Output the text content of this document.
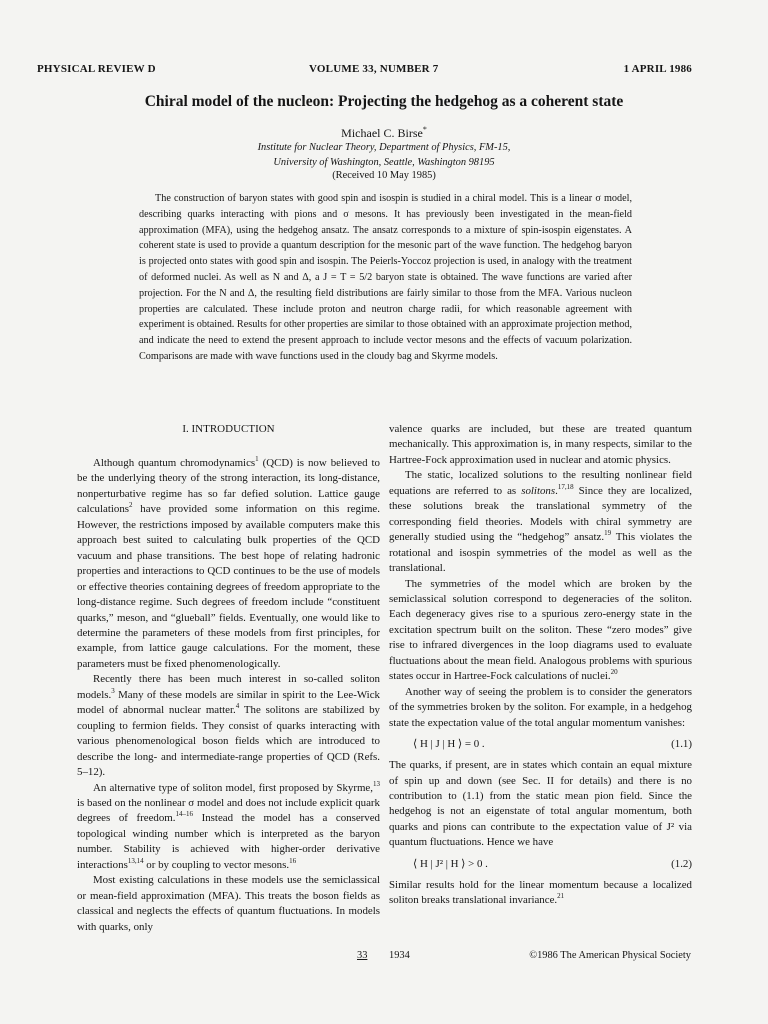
PHYSICAL REVIEW D	VOLUME 33, NUMBER 7	1 APRIL 1986
Chiral model of the nucleon: Projecting the hedgehog as a coherent state
Michael C. Birse*
Institute for Nuclear Theory, Department of Physics, FM-15,
University of Washington, Seattle, Washington 98195
(Received 10 May 1985)

The construction of baryon states with good spin and isospin is studied in a chiral model. This is a linear σ model, describing quarks interacting with pions and σ mesons. It has previously been investigated in the mean-field approximation (MFA), using the hedgehog ansatz. The ansatz corresponds to a mixture of spin-isospin eigenstates. A coherent state is used to provide a quantum description for the mesonic part of the wave function. The hedgehog baryon is projected onto states with good spin and isospin. The Peierls-Yoccoz projection is used, in analogy with the treatment of deformed nuclei. As well as N and Δ, a J = T = 5/2 baryon state is obtained. The wave functions are varied after projection. For the N and Δ, the resulting field distributions are fairly similar to those from the MFA. Various nucleon properties are calculated. These include proton and neutron charge radii, for which reasonable agreement with experiment is obtained. Results for other properties are similar to those obtained with an approximate projection method, and indicate the need to extend the present approach to include vector mesons and the effects of vacuum polarization. Comparisons are made with wave functions used in the cloudy bag and Skyrme models.

I. INTRODUCTION

Although quantum chromodynamics$^1$ (QCD) is now believed to be the underlying theory of the strong interaction, its long-distance, nonperturbative regime has so far defied solution. Lattice gauge calculations$^2$ have provided some information on this regime. However, the restrictions imposed by available computers make this approach best suited to calculating bulk properties of the QCD vacuum and phase transitions. The best hope of relating hadronic properties and interactions to QCD continues to be the use of models or effective theories containing degrees of freedom appropriate to the long-distance regime. Such degrees of freedom include “constituent quarks,” meson, and “glueball” fields. Eventually, one would like to determine the parameters of these models from first principles, for example, from lattice gauge calculations. For the moment, these parameters must be fixed phenomenologically.

Recently there has been much interest in so-called soliton models.$^3$ Many of these models are similar in spirit to the Lee-Wick model of abnormal nuclear matter.$^4$ The solitons are stabilized by coupling to fermion fields. They consist of quarks interacting with various phenomenological boson fields which are introduced to describe the long- and intermediate-range properties of QCD (Refs. 5–12).

An alternative type of soliton model, first proposed by Skyrme,$^{13}$ is based on the nonlinear σ model and does not include explicit quark degrees of freedom.$^{14-16}$ Instead the model has a conserved topological winding number which is interpreted as the baryon number. Stability is achieved with higher-order derivative interactions$^{13,14}$ or by coupling to vector mesons.$^{16}$

Most existing calculations in these models use the semiclassical or mean-field approximation (MFA). This treats the boson fields as classical and neglects the effects of quantum fluctuations. In models with quarks, only

valence quarks are included, but these are treated quantum mechanically. This approximation is, in many respects, similar to the Hartree-Fock approximation used in nuclear and atomic physics.

The static, localized solutions to the resulting nonlinear field equations are referred to as solitons.$^{17,18}$ Since they are localized, these solutions break the translational symmetry of the corresponding field theories. Models with chiral symmetry are generally studied using the “hedgehog” ansatz.$^{19}$ This violates the rotational and isospin symmetries of the model as well as the translational.

The symmetries of the model which are broken by the semiclassical solution correspond to degeneracies of the soliton. Each degeneracy gives rise to a spurious zero-energy state in the excitation spectrum built on the soliton. These “zero modes” give rise to infrared divergences in the loop diagrams used to evaluate fluctuations about the mean field. Analogous problems with spurious states occur in Hartree-Fock calculations of nuclei.$^{20}$

Another way of seeing the problem is to consider the generators of the symmetries broken by the soliton. For example, in a hedgehog state the expectation value of the total angular momentum vanishes:

⟨ H | J | H ⟩ = 0 .	(1.1)

The quarks, if present, are in states which contain an equal mixture of spin up and down (see Sec. II for details) and there is no contribution to (1.1) from the static mean pion field. Since the hedgehog is not an eigenstate of total angular momentum, both quarks and pions can contribute to the expectation value of J² via quantum fluctuations. Hence we have

⟨ H | J² | H ⟩ > 0 .	(1.2)

Similar results hold for the linear momentum because a localized soliton breaks translational invariance.$^{21}$

33 1934	©1986 The American Physical Society
